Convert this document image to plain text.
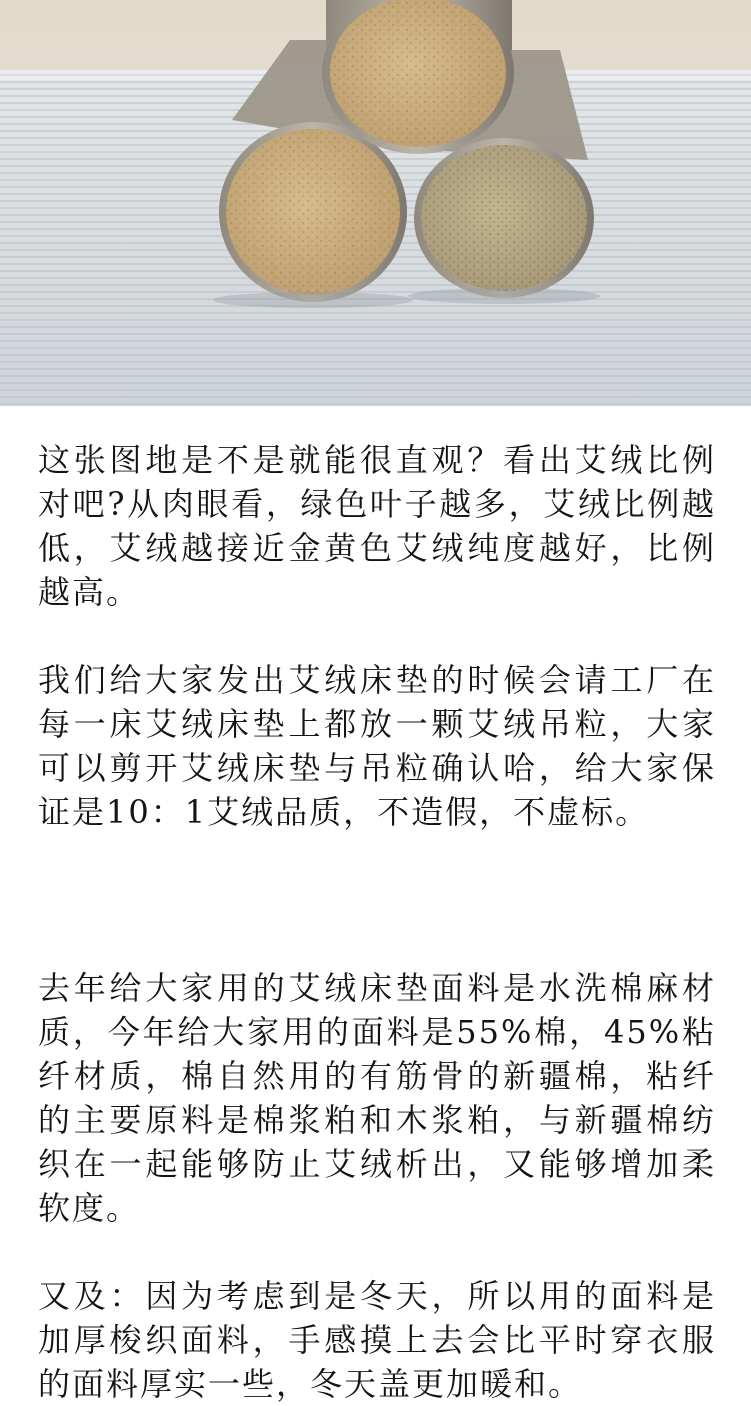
这张图地是不是就能很直观？看出艾绒比例对吧?从肉眼看，绿色叶子越多，艾绒比例越低，艾绒越接近金黄色艾绒纯度越好，比例越高。

我们给大家发出艾绒床垫的时候会请工厂在每一床艾绒床垫上都放一颗艾绒吊粒，大家可以剪开艾绒床垫与吊粒确认哈，给大家保证是10：1艾绒品质，不造假，不虚标。

去年给大家用的艾绒床垫面料是水洗棉麻材质，今年给大家用的面料是55%棉，45%粘纤材质，棉自然用的有筋骨的新疆棉，粘纤的主要原料是棉浆粕和木浆粕，与新疆棉纺织在一起能够防止艾绒析出，又能够增加柔软度。

又及：因为考虑到是冬天，所以用的面料是加厚梭织面料，手感摸上去会比平时穿衣服的面料厚实一些，冬天盖更加暖和。
